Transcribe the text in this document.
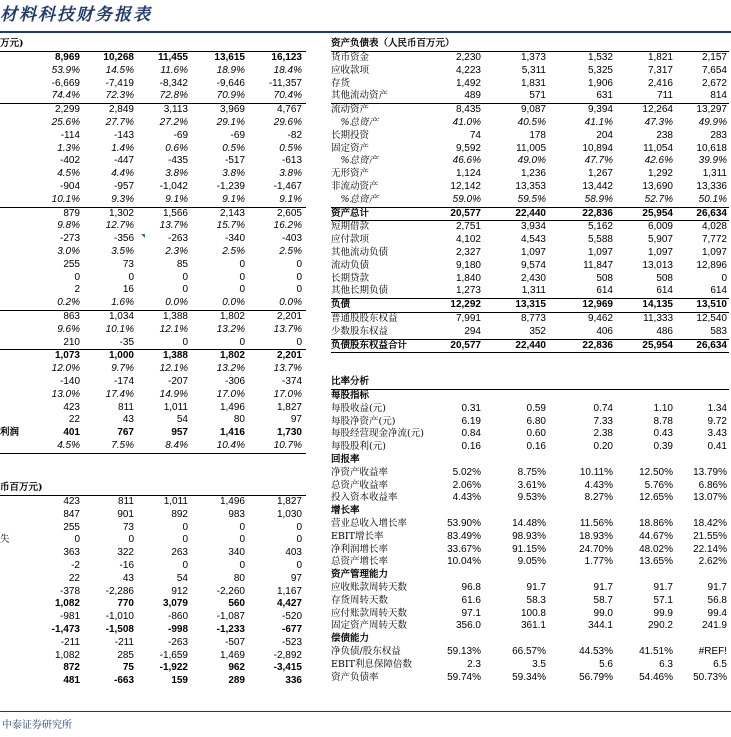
材料科技财务报表
万元)
8,969 10,268 11,455	13,615	16,123
53.9%	14.5%	11.6%	18.9%	18.4%
-6,669	-7,419	-8,342	-9,646 -11,357
74.4%	72.3%	72.8%	70.9%	70.4%
2,299	2,849	3,113	3,969	4,767
25.6%	27.7%	27.2%	29.1%	29.6%
-114	-143	-69	-69	-82
1.3%	1.4%	0.6%	0.5%	0.5%
-402	-447	-435	-517	-613
4.5%	4.4%	3.8%	3.8%	3.8%
-904	-957	-1,042	-1,239	-1,467
10.1%	9.3%	9.1%	9.1%	9.1%
879	1,302	1,566	2,143	2,605
9.8%	12.7%	13.7%	15.7%	16.2%
-273	-356	-263	-340	-403
3.0%	3.5%	2.3%	2.5%	2.5%
255	73	85	0	0
0	0	0	0	0
2	16	0	0	0
0.2%	1.6%	0.0%	0.0%	0.0%
863	1,034	1,388	1,802	2,201
9.6%	10.1%	12.1%	13.2%	13.7%
210	-35	0	0	0
1,073	1,000	1,388	1,802	2,201
12.0%	9.7%	12.1%	13.2%	13.7%
-140	-174	-207	-306	-374
13.0%	17.4%	14.9%	17.0%	17.0%
423	811	1,011	1,496	1,827
22	43	54	80	97
利润	401	767	957	1,416	1,730
4.5%	7.5%	8.4%	10.4%	10.7%
币百万元)
423	811	1,011	1,496	1,827
847	901	892	983	1,030
255	73	0	0	0
失	0	0	0	0	0
363	322	263	340	403
-2	-16	0	0	0
22	43	54	80	97
-378	-2,286	912	-2,260	1,167
1,082	770	3,079	560	4,427
-981	-1,010	-860	-1,087	-520
-1,473	-1,508	-998	-1,233	-677
-211	-211	-263	-507	-523
1,082	285	-1,659	1,469	-2,892
872	75	-1,922	962	-3,415
481	-663	159	289	336
资产负债表（人民币百万元）
货币资金	2,230	1,373	1,532	1,821	2,157
应收款项	4,223	5,311	5,325	7,317	7,654
存货	1,492	1,831	1,906	2,416	2,672
其他流动资产	489	571	631	711	814
流动资产	8,435	9,087	9,394	12,264 13,297
　%总资产	41.0%	40.5%	41.1%	47.3%	49.9%
长期投资	74	178	204	238	283
固定资产	9,592	11,005	10,894	11,054 10,618
　%总资产	46.6%	49.0%	47.7%	42.6%	39.9%
无形资产	1,124	1,236	1,267	1,292	1,311
非流动资产	12,142	13,353	13,442	13,690 13,336
　%总资产	59.0%	59.5%	58.9%	52.7%	50.1%
资产总计	20,577	22,440	22,836	25,954 26,634
短期借款	2,751	3,934	5,162	6,009	4,028
应付款项	4,102	4,543	5,588	5,907	7,772
其他流动负债	2,327	1,097	1,097	1,097	1,097
流动负债	9,180	9,574	11,847	13,013 12,896
长期贷款	1,840	2,430	508	508	0
其他长期负债	1,273	1,311	614	614	614
负债	12,292	13,315	12,969	14,135 13,510
普通股股东权益	7,991	8,773	9,462	11,333 12,540
少数股东权益	294	352	406	486	583
负债股东权益合计	20,577	22,440	22,836	25,954 26,634
比率分析
每股指标
每股收益(元)	0.31	0.59	0.74	1.10	1.34
每股净资产(元)	6.19	6.80	7.33	8.78	9.72
每股经营现金净流(元)	0.84	0.60	2.38	0.43	3.43
每股股利(元)	0.16	0.16	0.20	0.39	0.41
回报率
净资产收益率	5.02%	8.75%	10.11%	12.50% 13.79%
总资产收益率	2.06%	3.61%	4.43%	5.76%	6.86%
投入资本收益率	4.43%	9.53%	8.27%	12.65% 13.07%
增长率
营业总收入增长率	53.90%	14.48%	11.56%	18.86% 18.42%
EBIT增长率	83.49%	98.93%	18.93%	44.67% 21.55%
净利润增长率	33.67%	91.15%	24.70%	48.02% 22.14%
总资产增长率	10.04%	9.05%	1.77%	13.65%	2.62%
资产管理能力
应收账款周转天数	96.8	91.7	91.7	91.7	91.7
存货周转天数	61.6	58.3	58.7	57.1	56.8
应付账款周转天数	97.1	100.8	99.0	99.9	99.4
固定资产周转天数	356.0	361.1	344.1	290.2	241.9
偿债能力
净负债/股东权益	59.13%	66.57%	44.53%	41.51%	#REF!
EBIT利息保障倍数	2.3	3.5	5.6	6.3	6.5
资产负债率	59.74%	59.34%	56.79%	54.46% 50.73%
中泰证券研究所
